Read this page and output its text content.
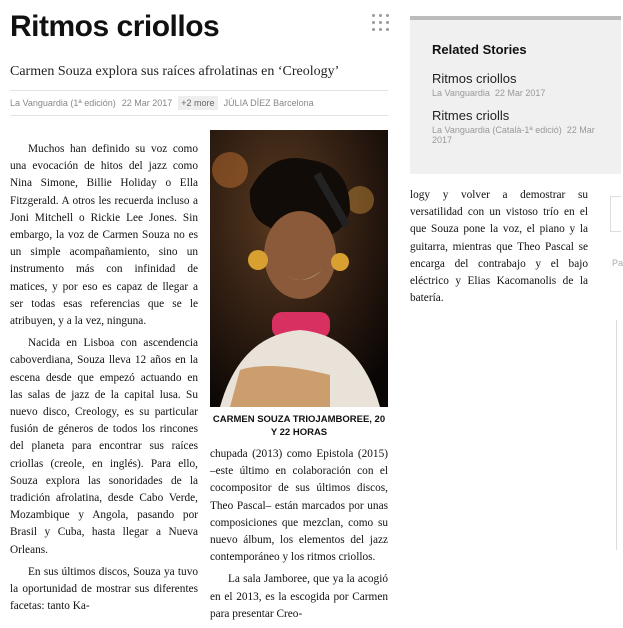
Ritmos criollos
Carmen Souza explora sus raíces afrolatinas en ‘Creology’
La Vanguardia (1ª edición) 22 Mar 2017	+2 more	JÚLIA DÍEZ Barcelona

Muchos han definido su voz como una evocación de hitos del jazz como Nina Simone, Billie Holiday o Ella Fitzgerald. A otros les recuerda incluso a Joni Mitchell o Rickie Lee Jones. Sin embargo, la voz de Carmen Souza no es un simple acompañamiento, sino un instrumento más con infinidad de matices, y por eso es capaz de llegar a ser todas esas referencias que se le atribuyen, y a la vez, ninguna.

Nacida en Lisboa con ascendencia caboverdiana, Souza lleva 12 años en la escena desde que empezó actuando en las salas de jazz de la capital lusa. Su nuevo disco, Creology, es su particular fusión de géneros de todos los rincones del planeta para encontrar sus raíces criollas (creole, en inglés). Para ello, Souza explora las sonoridades de la tradición afrolatina, desde Cabo Verde, Mozambique y Angola, pasando por Brasil y Cuba, hasta llegar a Nueva Orleans.

En sus últimos discos, Souza ya tuvo la oportunidad de mostrar sus diferentes facetas: tanto Ka-

CARMEN SOUZA TRIOJAMBOREE, 20 Y 22 HORAS

chupada (2013) como Epistola (2015) –este último en colaboración con el cocompositor de sus últimos discos, Theo Pascal– están marcados por unas composiciones que mezclan, como su nuevo álbum, los elementos del jazz contemporáneo y los ritmos criollos.

La sala Jamboree, que ya la acogió en el 2013, es la escogida por Carmen para presentar Creo-

Related Stories
Ritmos criollos
La Vanguardia 22 Mar 2017
Ritmes criolls
La Vanguardia (Català-1ª edició) 22 Mar 2017

logy y volver a demostrar su versatilidad con un vistoso trío en el que Souza pone la voz, el piano y la guitarra, mientras que Theo Pascal se encarga del contrabajo y el bajo eléctrico y Elias Kacomanolis de la batería.

Pa
